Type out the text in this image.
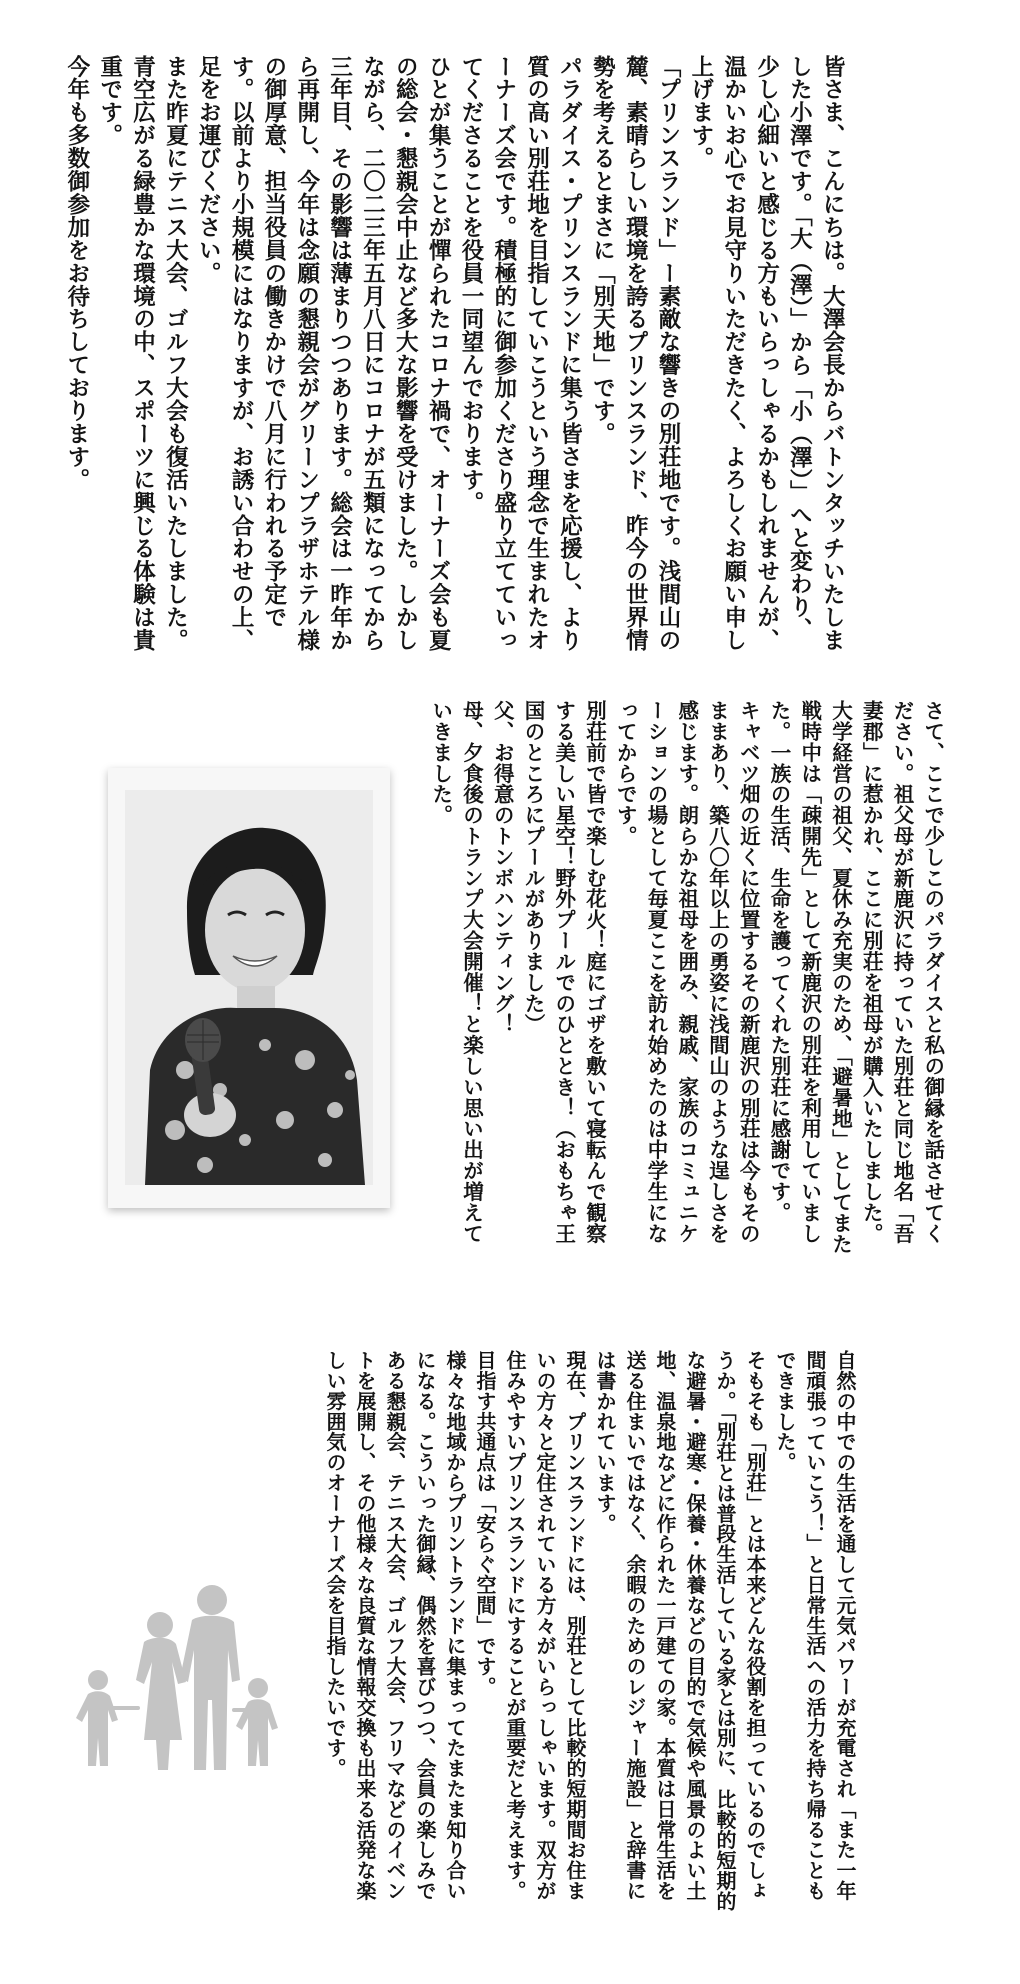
皆さま、こんにちは。大澤会長からバトンタッチいたしました小澤です。「大（澤）」から「小（澤）」へと変わり、少し心細いと感じる方もいらっしゃるかもしれませんが、温かいお心でお見守りいただきたく、よろしくお願い申し上げます。

「プリンスランド」ー素敵な響きの別荘地です。浅間山の麓、素晴らしい環境を誇るプリンスランド、昨今の世界情勢を考えるとまさに「別天地」です。

パラダイス・プリンスランドに集う皆さまを応援し、より質の高い別荘地を目指していこうという理念で生まれたオーナーズ会です。積極的に御参加くださり盛り立てていってくださることを役員一同望んでおります。

ひとが集うことが憚られたコロナ禍で、オーナーズ会も夏の総会・懇親会中止など多大な影響を受けました。しかしながら、二〇二三年五月八日にコロナが五類になってから三年目、その影響は薄まりつつあります。総会は一昨年から再開し、今年は念願の懇親会がグリーンプラザホテル様の御厚意、担当役員の働きかけで八月に行われる予定です。以前より小規模にはなりますが、お誘い合わせの上、足をお運びください。

また昨夏にテニス大会、ゴルフ大会も復活いたしました。青空広がる緑豊かな環境の中、スポーツに興じる体験は貴重です。

今年も多数御参加をお待ちしております。

さて、ここで少しこのパラダイスと私の御縁を話させてください。祖父母が新鹿沢に持っていた別荘と同じ地名「吾妻郡」に惹かれ、ここに別荘を祖母が購入いたしました。

大学経営の祖父、夏休み充実のため、「避暑地」としてまた戦時中は「疎開先」として新鹿沢の別荘を利用していました。一族の生活、生命を護ってくれた別荘に感謝です。

キャベツ畑の近くに位置するその新鹿沢の別荘は今もそのままあり、築八〇年以上の勇姿に浅間山のような逞しさを感じます。朗らかな祖母を囲み、親戚、家族のコミュニケーションの場として毎夏ここを訪れ始めたのは中学生になってからです。

別荘前で皆で楽しむ花火！庭にゴザを敷いて寝転んで観察する美しい星空！野外プールでのひととき！（おもちゃ王国のところにプールがありました）

父、お得意のトンボハンティング！

母、夕食後のトランプ大会開催！と楽しい思い出が増えていきました。

自然の中での生活を通して元気パワーが充電され「また一年間頑張っていこう！」と日常生活への活力を持ち帰ることもできました。

そもそも「別荘」とは本来どんな役割を担っているのでしょうか。「別荘とは普段生活している家とは別に、比較的短期的な避暑・避寒・保養・休養などの目的で気候や風景のよい土地、温泉地などに作られた一戸建ての家。本質は日常生活を送る住まいではなく、余暇のためのレジャー施設」と辞書には書かれています。

現在、プリンスランドには、別荘として比較的短期間お住まいの方々と定住されている方々がいらっしゃいます。双方が住みやすいプリンスランドにすることが重要だと考えます。目指す共通点は「安らぐ空間」です。

様々な地域からプリントランドに集まってたまたま知り合いになる。こういった御縁、偶然を喜びつつ、会員の楽しみである懇親会、テニス大会、ゴルフ大会、フリマなどのイベントを展開し、その他様々な良質な情報交換も出来る活発な楽しい雰囲気のオーナーズ会を目指したいです。
